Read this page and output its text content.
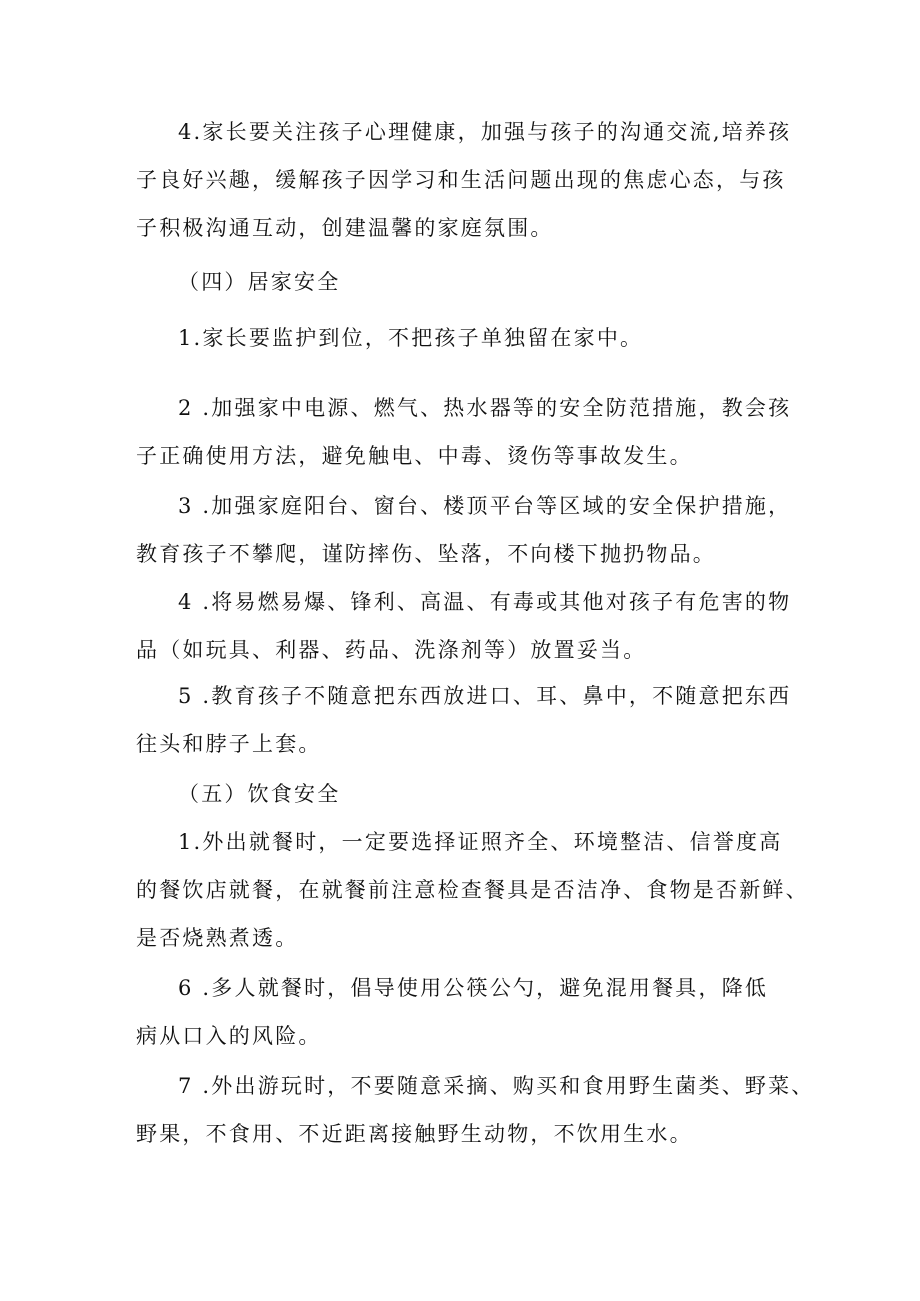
4.家长要关注孩子心理健康，加强与孩子的沟通交流,培养孩
子良好兴趣，缓解孩子因学习和生活问题出现的焦虑心态，与孩
子积极沟通互动，创建温馨的家庭氛围。
（四）居家安全
1.家长要监护到位，不把孩子单独留在家中。
2 .加强家中电源、燃气、热水器等的安全防范措施，教会孩
子正确使用方法，避免触电、中毒、烫伤等事故发生。
3 .加强家庭阳台、窗台、楼顶平台等区域的安全保护措施，
教育孩子不攀爬，谨防摔伤、坠落，不向楼下抛扔物品。
4 .将易燃易爆、锋利、高温、有毒或其他对孩子有危害的物
品（如玩具、利器、药品、洗涤剂等）放置妥当。
5 .教育孩子不随意把东西放进口、耳、鼻中，不随意把东西
往头和脖子上套。
（五）饮食安全
1.外出就餐时，一定要选择证照齐全、环境整洁、信誉度高
的餐饮店就餐，在就餐前注意检查餐具是否洁净、食物是否新鲜、
是否烧熟煮透。
6 .多人就餐时，倡导使用公筷公勺，避免混用餐具，降低
病从口入的风险。
7 .外出游玩时，不要随意采摘、购买和食用野生菌类、野菜、
野果，不食用、不近距离接触野生动物，不饮用生水。
